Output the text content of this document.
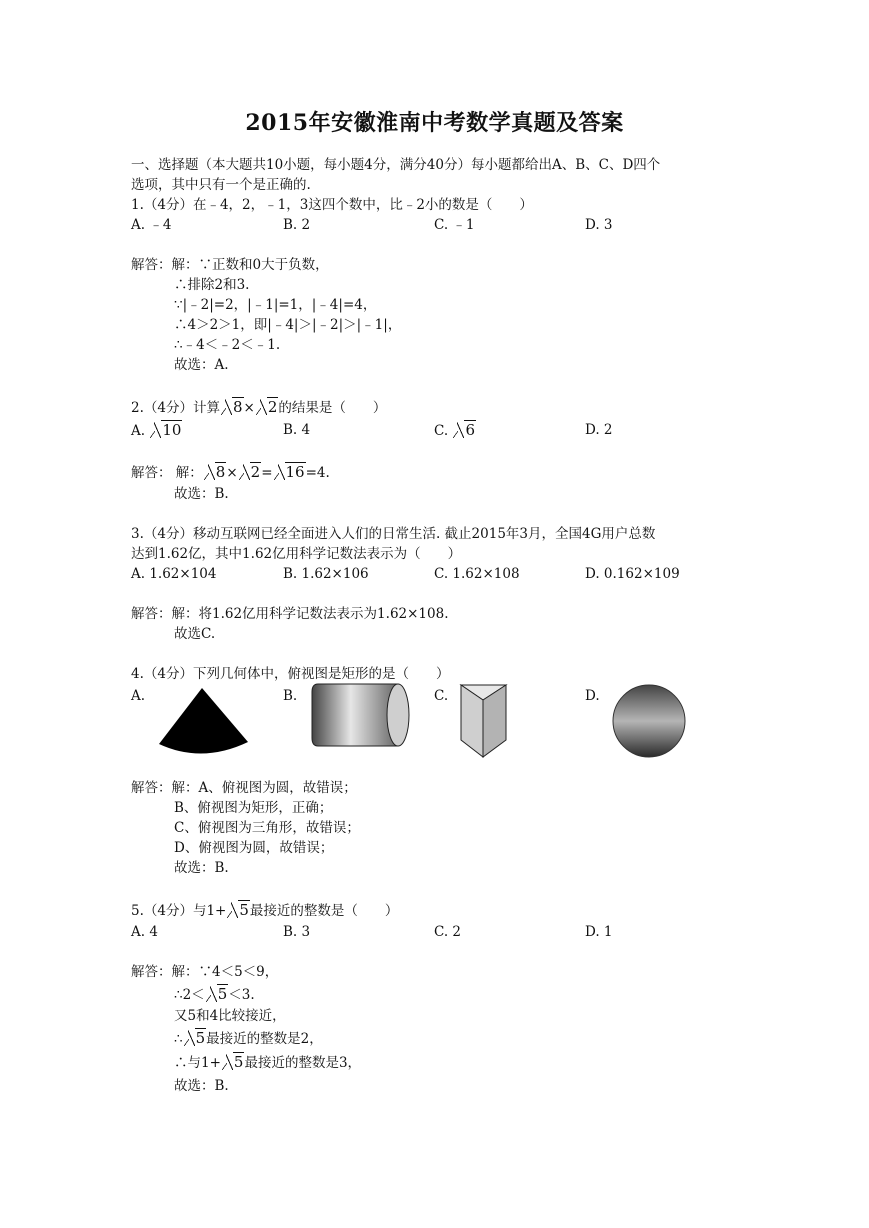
2015年安徽淮南中考数学真题及答案
一、选择题（本大题共10小题，每小题4分，满分40分）每小题都给出A、B、C、D四个
选项，其中只有一个是正确的.
1.（4分）在﹣4，2，﹣1，3这四个数中，比﹣2小的数是（　　）
A. ﹣4	B. 2	C. ﹣1	D. 3
解答：解：∵正数和0大于负数，
∴排除2和3.
∵|﹣2|=2，|﹣1|=1，|﹣4|=4，
∴4＞2＞1，即|﹣4|＞|﹣2|＞|﹣1|，
∴﹣4＜﹣2＜﹣1.
故选：A.
2.（4分）计算 8× 2的结果是（　　）
A. 10	B. 4	C. 6	D. 2
解答： 解： 8× 2= 16=4.
故选：B.
3.（4分）移动互联网已经全面进入人们的日常生活. 截止2015年3月，全国4G用户总数
达到1.62亿，其中1.62亿用科学记数法表示为（　　）
A. 1.62×104	B. 1.62×106	C. 1.62×108	D. 0.162×109
解答：解：将1.62亿用科学记数法表示为1.62×108.
故选C.
4.（4分）下列几何体中，俯视图是矩形的是（　　）
A.	B.	C.	D.
解答：解：A、俯视图为圆，故错误；
B、俯视图为矩形，正确；
C、俯视图为三角形，故错误；
D、俯视图为圆，故错误；
故选：B.
5.（4分）与1+ 5最接近的整数是（　　）
A. 4	B. 3	C. 2	D. 1
解答：解：∵4＜5＜9，
∴2＜ 5＜3.
又5和4比较接近，
∴ 5最接近的整数是2，
∴与1+ 5最接近的整数是3，
故选：B.
